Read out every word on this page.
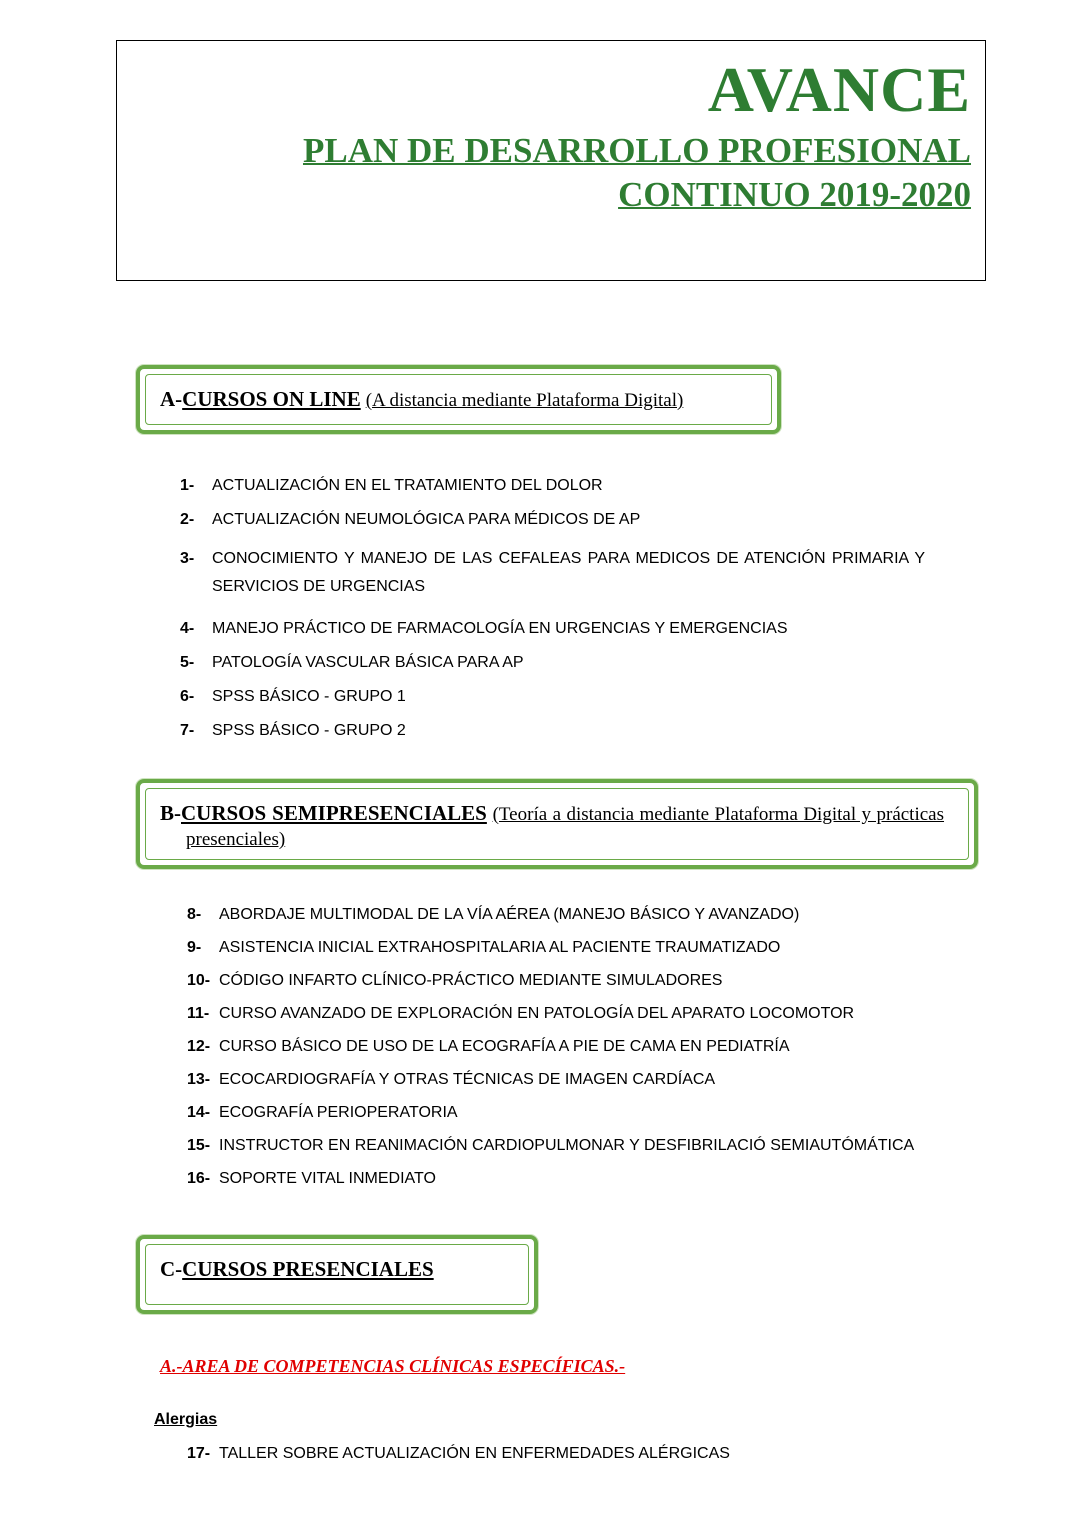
AVANCE
PLAN DE DESARROLLO PROFESIONAL
CONTINUO 2019-2020
A-CURSOS ON LINE (A distancia mediante Plataforma Digital)
1-	ACTUALIZACIÓN EN EL TRATAMIENTO DEL DOLOR
2-	ACTUALIZACIÓN NEUMOLÓGICA PARA MÉDICOS DE AP
3-	CONOCIMIENTO Y MANEJO DE LAS CEFALEAS PARA MEDICOS DE ATENCIÓN PRIMARIA Y SERVICIOS DE URGENCIAS
4-	MANEJO PRÁCTICO DE FARMACOLOGÍA EN URGENCIAS Y EMERGENCIAS
5-	PATOLOGÍA VASCULAR BÁSICA PARA AP
6-	SPSS BÁSICO - GRUPO 1
7-	SPSS BÁSICO - GRUPO 2
B-CURSOS SEMIPRESENCIALES (Teoría a distancia mediante Plataforma Digital y prácticas presenciales)
8-	ABORDAJE MULTIMODAL DE LA VÍA AÉREA (MANEJO BÁSICO Y AVANZADO)
9-	ASISTENCIA INICIAL EXTRAHOSPITALARIA AL PACIENTE TRAUMATIZADO
10- CÓDIGO INFARTO CLÍNICO-PRÁCTICO MEDIANTE SIMULADORES
11- CURSO AVANZADO DE EXPLORACIÓN EN PATOLOGÍA DEL APARATO LOCOMOTOR
12- CURSO BÁSICO DE USO DE LA ECOGRAFÍA A PIE DE CAMA EN PEDIATRÍA
13- ECOCARDIOGRAFÍA Y OTRAS TÉCNICAS DE IMAGEN CARDÍACA
14- ECOGRAFÍA PERIOPERATORIA
15- INSTRUCTOR EN REANIMACIÓN CARDIOPULMONAR Y DESFIBRILACIÓ SEMIAUTÓMÁTICA
16- SOPORTE VITAL INMEDIATO
C-CURSOS PRESENCIALES

A.-AREA DE COMPETENCIAS CLÍNICAS ESPECÍFICAS.-

Alergias

17- TALLER SOBRE ACTUALIZACIÓN EN ENFERMEDADES ALÉRGICAS
